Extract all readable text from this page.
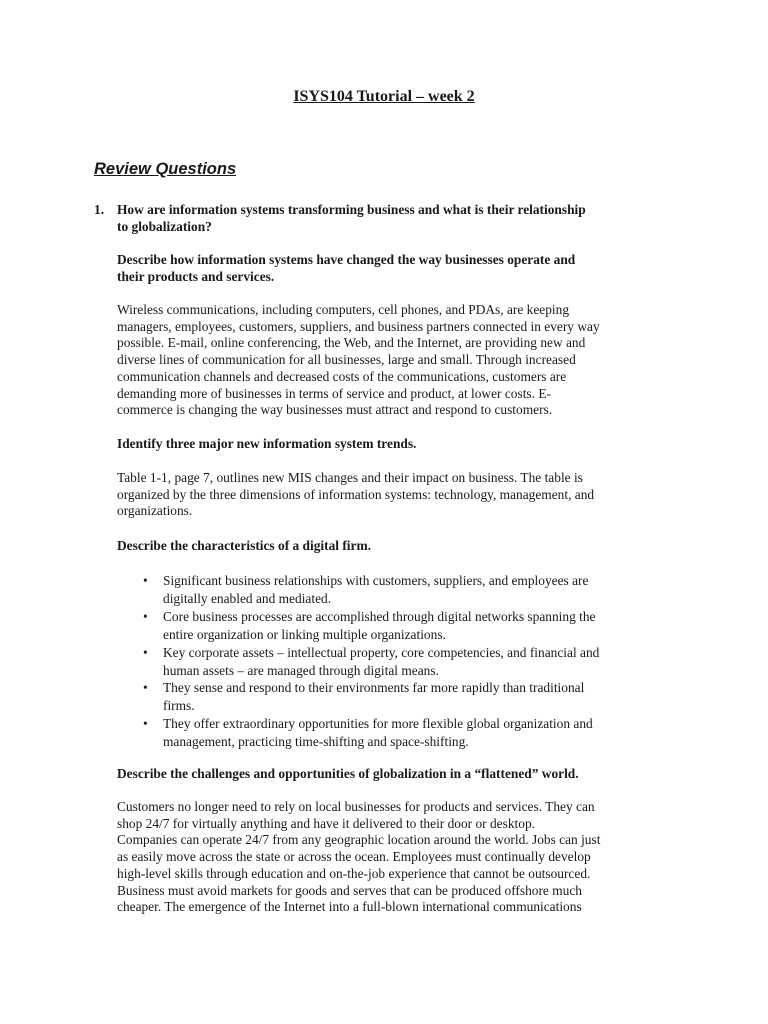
ISYS104 Tutorial – week 2
Review Questions
1. How are information systems transforming business and what is their relationship
to globalization?
Describe how information systems have changed the way businesses operate and
their products and services.
Wireless communications, including computers, cell phones, and PDAs, are keeping
managers, employees, customers, suppliers, and business partners connected in every way
possible. E-mail, online conferencing, the Web, and the Internet, are providing new and
diverse lines of communication for all businesses, large and small. Through increased
communication channels and decreased costs of the communications, customers are
demanding more of businesses in terms of service and product, at lower costs. E-
commerce is changing the way businesses must attract and respond to customers.
Identify three major new information system trends.
Table 1-1, page 7, outlines new MIS changes and their impact on business. The table is
organized by the three dimensions of information systems: technology, management, and
organizations.
Describe the characteristics of a digital firm.
• Significant business relationships with customers, suppliers, and employees are
digitally enabled and mediated.
• Core business processes are accomplished through digital networks spanning the
entire organization or linking multiple organizations.
• Key corporate assets – intellectual property, core competencies, and financial and
human assets – are managed through digital means.
• They sense and respond to their environments far more rapidly than traditional
firms.
• They offer extraordinary opportunities for more flexible global organization and
management, practicing time-shifting and space-shifting.
Describe the challenges and opportunities of globalization in a “flattened” world.
Customers no longer need to rely on local businesses for products and services. They can
shop 24/7 for virtually anything and have it delivered to their door or desktop.
Companies can operate 24/7 from any geographic location around the world. Jobs can just
as easily move across the state or across the ocean. Employees must continually develop
high-level skills through education and on-the-job experience that cannot be outsourced.
Business must avoid markets for goods and serves that can be produced offshore much
cheaper. The emergence of the Internet into a full-blown international communications
